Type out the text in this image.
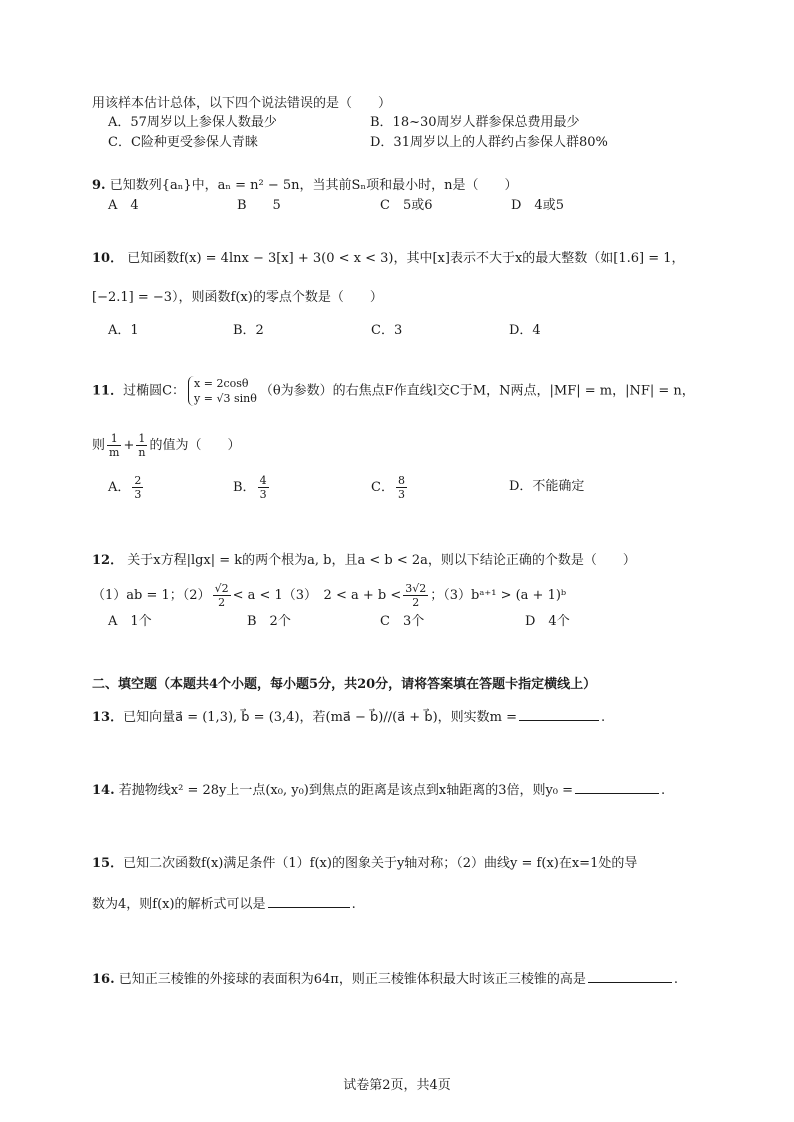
用该样本估计总体，以下四个说法错误的是（　　）
A．57周岁以上参保人数最少	B．18~30周岁人群参保总费用最少
C．C险种更受参保人青睐	D．31周岁以上的人群约占参保人群80%
9. 已知数列{aₙ}中，aₙ = n² − 5n，当其前Sₙ项和最小时，n是（　　）
A　4	B　　5	C　5或6	D　4或5
10． 已知函数f(x) = 4lnx − 3[x] + 3(0 < x < 3)，其中[x]表示不大于x的最大整数（如[1.6] = 1，
[−2.1] = −3），则函数f(x)的零点个数是（　　）
A．1	B．2	C．3	D．4
11．过椭圆C： x = 2cosθ
y = √3 sinθ （θ为参数）的右焦点F作直线l交C于M，N两点，|MF| = m，|NF| = n，
则 $\frac{1}{m} + \frac{1}{n}$ 的值为（　　）
A． $\frac{2}{3}$	B． $\frac{4}{3}$	C． $\frac{8}{3}$	D．不能确定
12． 关于x方程|lgx| = k的两个根为a, b，且a < b < 2a，则以下结论正确的个数是（　　）
（1）ab = 1；$(2) \frac{√2}{2} < a < 1(3)$　$2 < a + b < \frac{3√2}{2}$ ；（3）bᵃ⁺¹ > (a + 1)ᵇ
A　1个	B　2个	C　3个	D　4个
二、填空题（本题共4个小题，每小题5分，共20分，请将答案填在答题卡指定横线上）
13．已知向量a⃗ = (1,3), b⃗ = (3,4)，若(ma⃗ − b⃗)//(a⃗ + b⃗)，则实数m =	.
14. 若抛物线x² = 28y上一点(x₀, y₀)到焦点的距离是该点到x轴距离的3倍，则y₀ =	.
15．已知二次函数f(x)满足条件（1）f(x)的图象关于y轴对称；（2）曲线y = f(x)在x=1处的导
数为4，则f(x)的解析式可以是	.
16. 已知正三棱锥的外接球的表面积为64π，则正三棱锥体积最大时该正三棱锥的高是	.
试卷第2页，共4页
